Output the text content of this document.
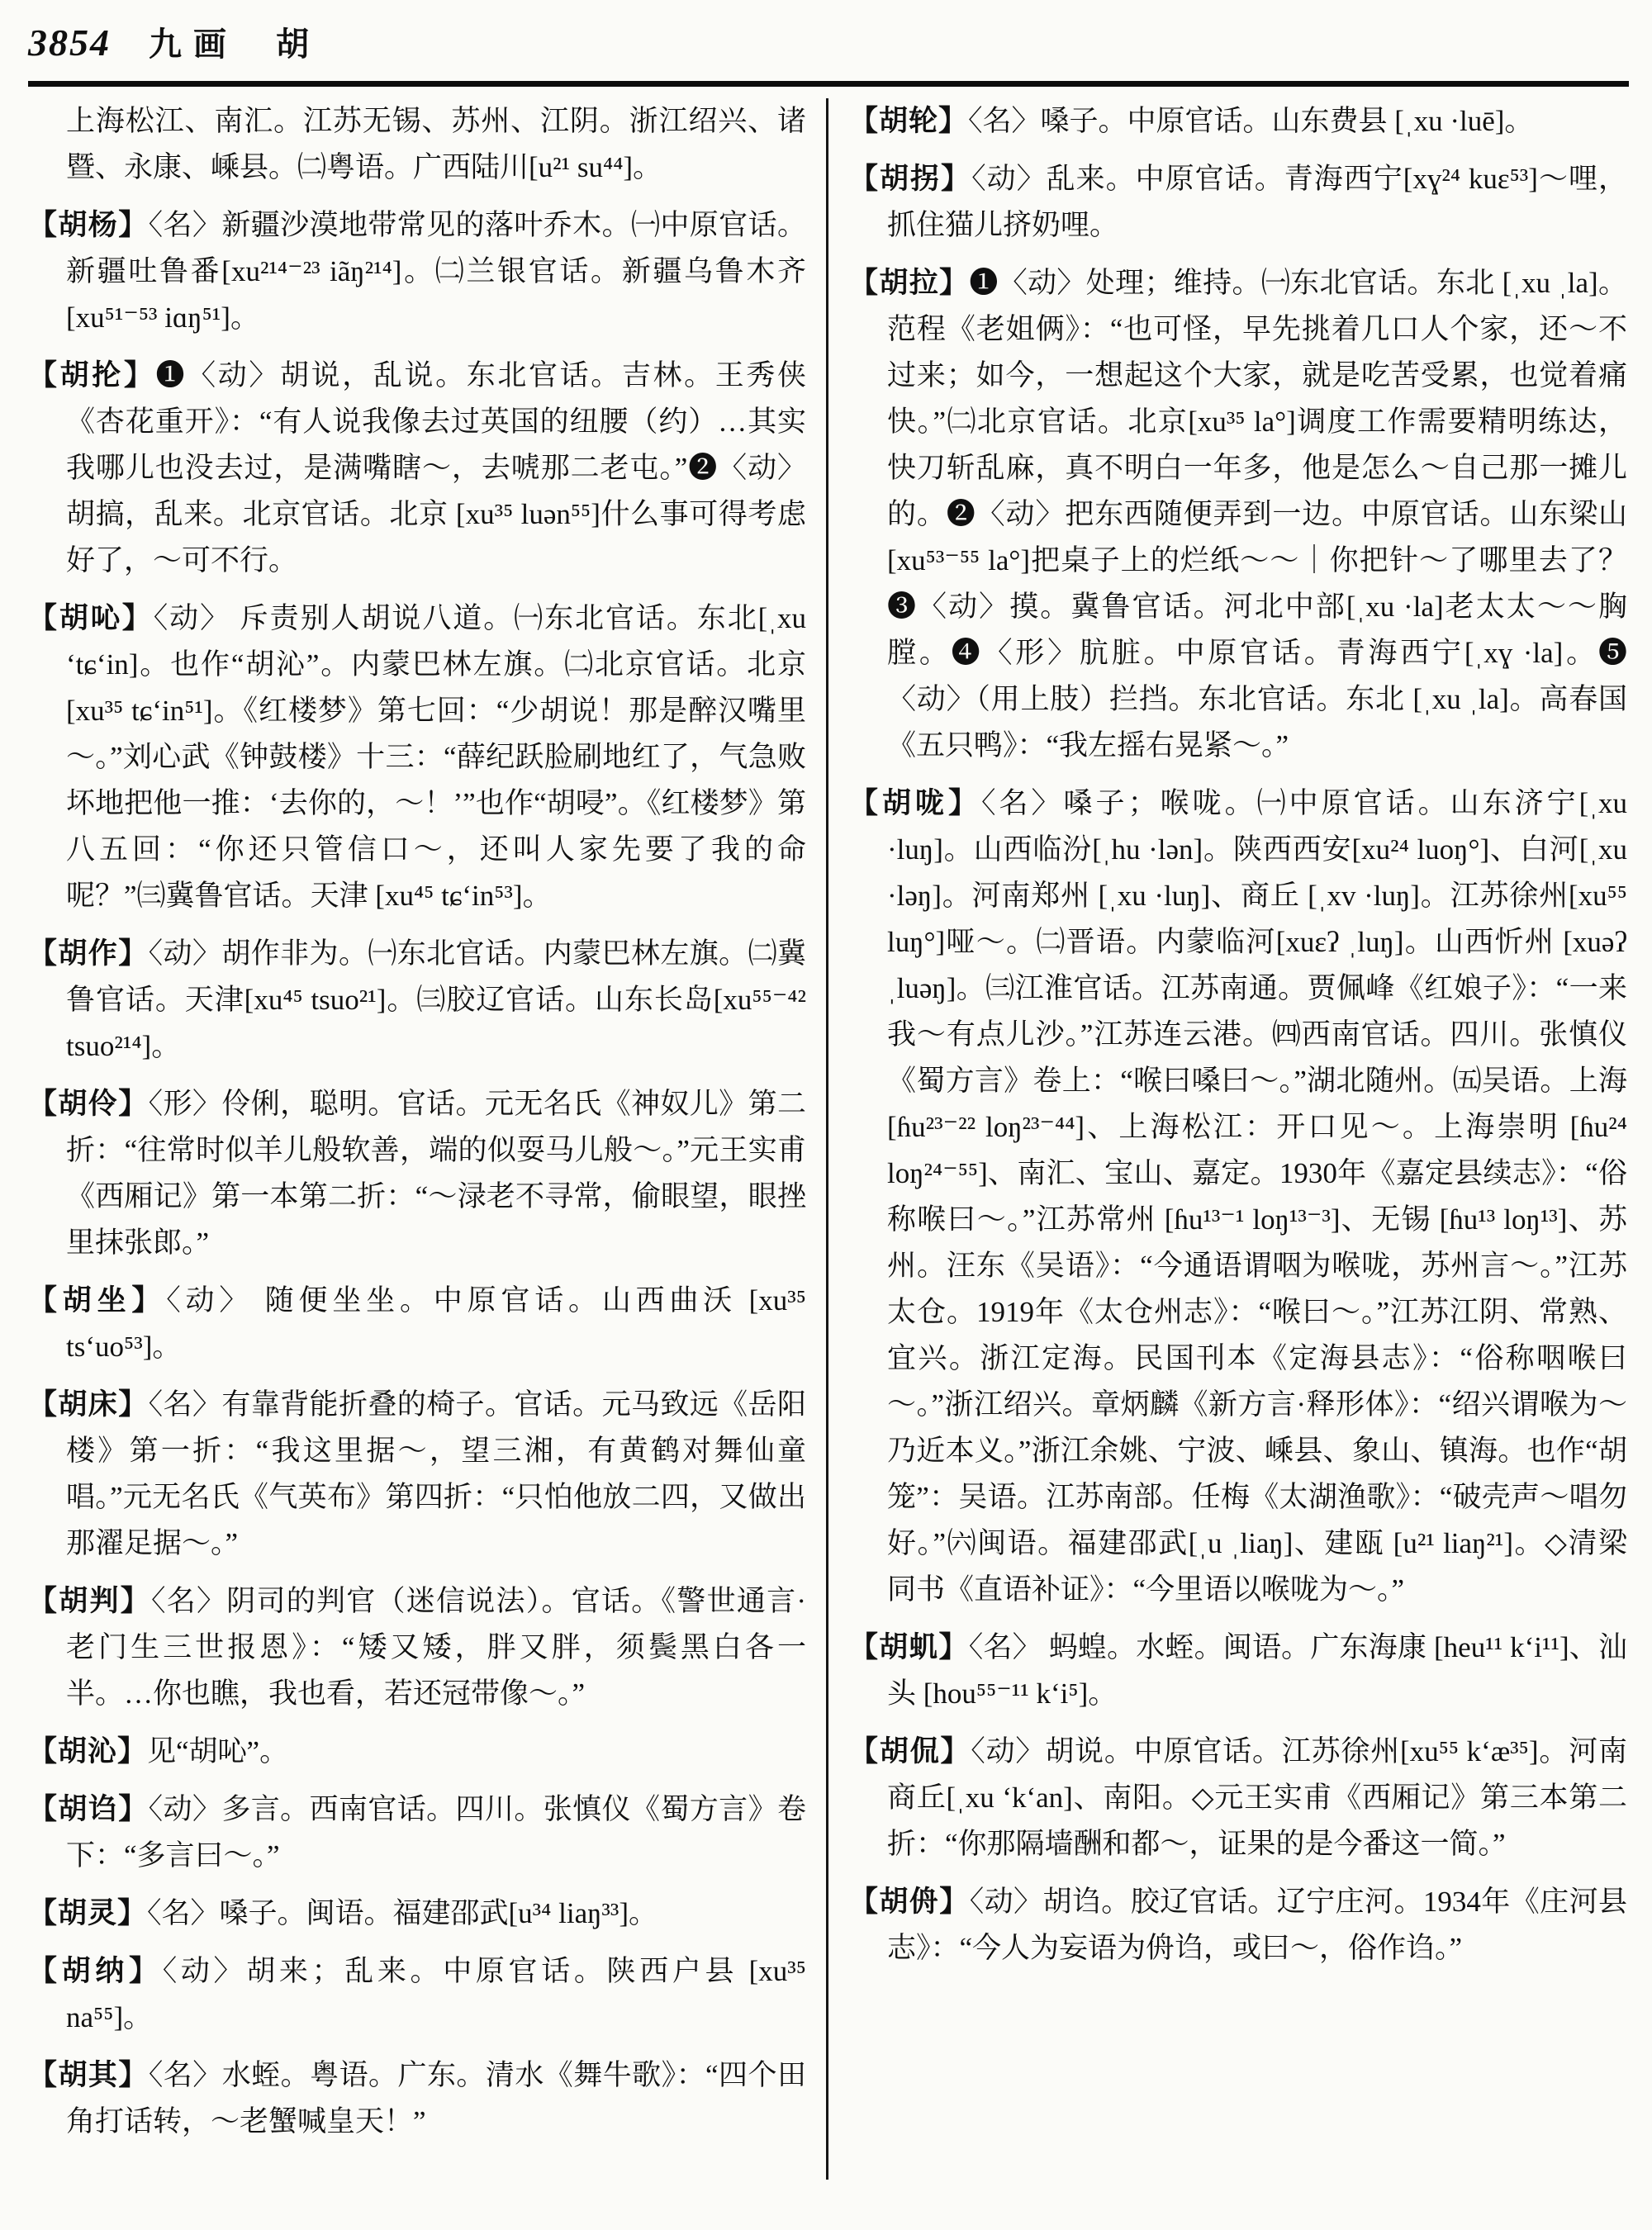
3854 九画 胡

上海松江、南汇。江苏无锡、苏州、江阴。浙江绍兴、诸暨、永康、嵊县。㈡粤语。广西陆川[u²¹ su⁴⁴]。

【胡杨】〈名〉新疆沙漠地带常见的落叶乔木。㈠中原官话。新疆吐鲁番[xu²¹⁴⁻²³ iãŋ²¹⁴]。㈡兰银官话。新疆乌鲁木齐[xu⁵¹⁻⁵³ iɑŋ⁵¹]。

【胡抡】❶〈动〉胡说，乱说。东北官话。吉林。王秀侠《杏花重开》：“有人说我像去过英国的纽腰（约）…其实我哪儿也没去过，是满嘴瞎～，去唬那二老屯。”❷〈动〉胡搞，乱来。北京官话。北京 [xu³⁵ luən⁵⁵]什么事可得考虑好了，～可不行。

【胡吣】〈动〉 斥责别人胡说八道。㈠东北官话。东北[ˌxu ʻtɕʻin]。也作“胡沁”。内蒙巴林左旗。㈡北京官话。北京[xu³⁵ tɕʻin⁵¹]。《红楼梦》第七回：“少胡说！那是醉汉嘴里～。”刘心武《钟鼓楼》十三：“薛纪跃脸刷地红了，气急败坏地把他一推：‘去你的，～！’”也作“胡唚”。《红楼梦》第八五回：“你还只管信口～，还叫人家先要了我的命呢？”㈢冀鲁官话。天津 [xu⁴⁵ tɕʻin⁵³]。

【胡作】〈动〉胡作非为。㈠东北官话。内蒙巴林左旗。㈡冀鲁官话。天津[xu⁴⁵ tsuo²¹]。㈢胶辽官话。山东长岛[xu⁵⁵⁻⁴² tsuo²¹⁴]。

【胡伶】〈形〉伶俐，聪明。官话。元无名氏《神奴儿》第二折：“往常时似羊儿般软善，端的似耍马儿般～。”元王实甫《西厢记》第一本第二折：“～渌老不寻常，偷眼望，眼挫里抹张郎。”

【胡坐】〈动〉 随便坐坐。中原官话。山西曲沃 [xu³⁵ tsʻuo⁵³]。

【胡床】〈名〉有靠背能折叠的椅子。官话。元马致远《岳阳楼》第一折：“我这里据～，望三湘，有黄鹤对舞仙童唱。”元无名氏《气英布》第四折：“只怕他放二四，又做出那濯足据～。”

【胡判】〈名〉阴司的判官（迷信说法）。官话。《警世通言·老门生三世报恩》：“矮又矮，胖又胖，须鬓黑白各一半。…你也瞧，我也看，若还冠带像～。”

【胡沁】见“胡吣”。

【胡诌】〈动〉多言。西南官话。四川。张慎仪《蜀方言》卷下：“多言曰～。”

【胡灵】〈名〉嗓子。闽语。福建邵武[u³⁴ liaŋ³³]。

【胡纳】〈动〉胡来；乱来。中原官话。陕西户县 [xu³⁵ na⁵⁵]。

【胡其】〈名〉水蛭。粤语。广东。清水《舞牛歌》：“四个田角打话转，～老蟹喊皇天！”

【胡轮】〈名〉嗓子。中原官话。山东费县 [ˌxu ·luē]。

【胡拐】〈动〉乱来。中原官话。青海西宁[xɣ²⁴ kuɛ⁵³]～哩，抓住猫儿挤奶哩。

【胡拉】❶〈动〉处理；维持。㈠东北官话。东北 [ˌxu ˌla]。范程《老姐俩》：“也可怪，早先挑着几口人个家，还～不过来；如今，一想起这个大家，就是吃苦受累，也觉着痛快。”㈡北京官话。北京[xu³⁵ la°]调度工作需要精明练达，快刀斩乱麻，真不明白一年多，他是怎么～自己那一摊儿的。❷〈动〉把东西随便弄到一边。中原官话。山东梁山[xu⁵³⁻⁵⁵ la°]把桌子上的烂纸～～｜你把针～了哪里去了？❸〈动〉摸。冀鲁官话。河北中部[ˌxu ·la]老太太～～胸膛。❹〈形〉肮脏。中原官话。青海西宁[ˌxɣ ·la]。❺〈动〉（用上肢）拦挡。东北官话。东北 [ˌxu ˌla]。高春国《五只鸭》：“我左摇右晃紧～。”

【胡咙】〈名〉嗓子；喉咙。㈠中原官话。山东济宁[ˌxu ·luŋ]。山西临汾[ˌhu ·lən]。陕西西安[xu²⁴ luoŋ°]、白河[ˌxu ·ləŋ]。河南郑州 [ˌxu ·luŋ]、商丘 [ˌxv ·luŋ]。江苏徐州[xu⁵⁵ luŋ°]哑～。㈡晋语。内蒙临河[xuɛʔ ˌluŋ]。山西忻州 [xuəʔ ˌluəŋ]。㈢江淮官话。江苏南通。贾佩峰《红娘子》：“一来我～有点儿沙。”江苏连云港。㈣西南官话。四川。张慎仪《蜀方言》卷上：“喉曰嗓曰～。”湖北随州。㈤吴语。上海 [ɦu²³⁻²² loŋ²³⁻⁴⁴]、上海松江：开口见～。上海崇明 [ɦu²⁴ loŋ²⁴⁻⁵⁵]、南汇、宝山、嘉定。1930年《嘉定县续志》：“俗称喉曰～。”江苏常州 [ɦu¹³⁻¹ loŋ¹³⁻³]、无锡 [ɦu¹³ loŋ¹³]、苏州。汪东《吴语》：“今通语谓咽为喉咙，苏州言～。”江苏太仓。1919年《太仓州志》：“喉曰～。”江苏江阴、常熟、宜兴。浙江定海。民国刊本《定海县志》：“俗称咽喉曰～。”浙江绍兴。章炳麟《新方言·释形体》：“绍兴谓喉为～乃近本义。”浙江余姚、宁波、嵊县、象山、镇海。也作“胡笼”：吴语。江苏南部。任梅《太湖渔歌》：“破壳声～唱勿好。”㈥闽语。福建邵武[ˌu ˌliaŋ]、建瓯 [u²¹ liaŋ²¹]。◇清梁同书《直语补证》：“今里语以喉咙为～。”

【胡虮】〈名〉 蚂蝗。水蛭。闽语。广东海康 [heu¹¹ kʻi¹¹]、汕头 [hou⁵⁵⁻¹¹ kʻi⁵]。

【胡侃】〈动〉胡说。中原官话。江苏徐州[xu⁵⁵ kʻæ³⁵]。河南商丘[ˌxu ʻkʻan]、南阳。◇元王实甫《西厢记》第三本第二折：“你那隔墙酬和都～，证果的是今番这一简。”

【胡侜】〈动〉胡诌。胶辽官话。辽宁庄河。1934年《庄河县志》：“今人为妄语为侜诌，或曰～，俗作诌。”
